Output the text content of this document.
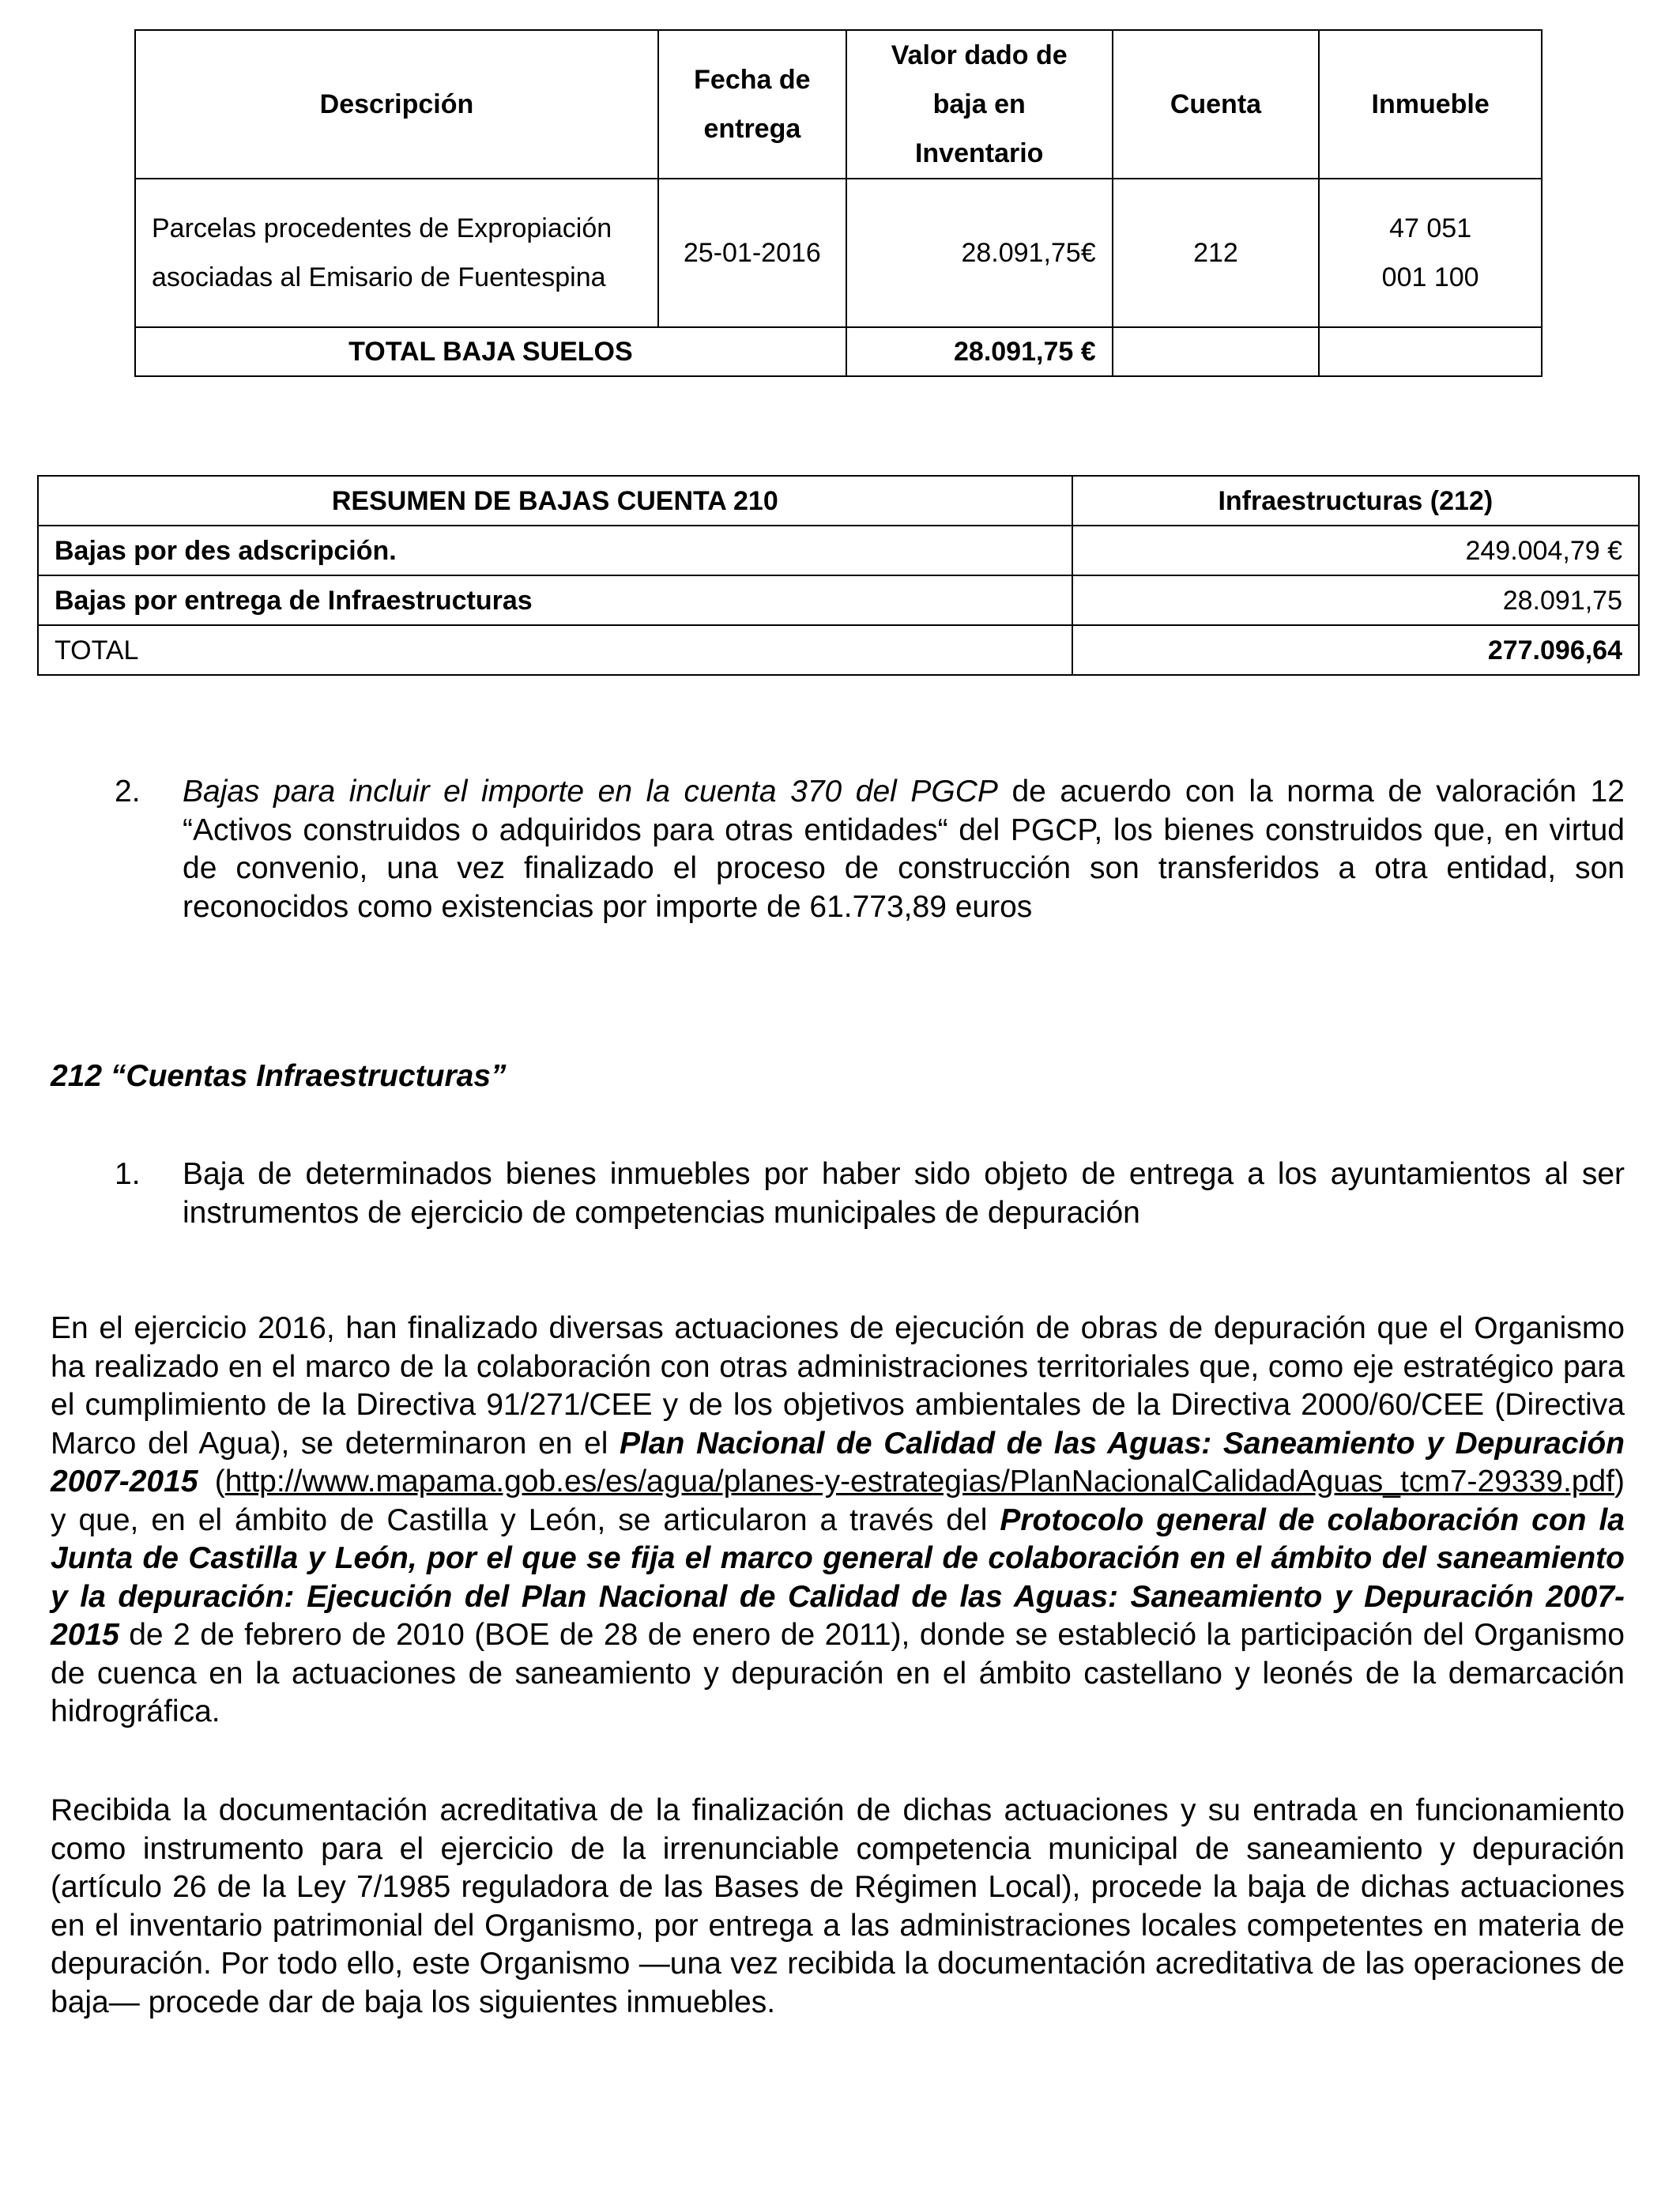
Descripción	Fecha de entrega	Valor dado de baja en Inventario	Cuenta	Inmueble

Parcelas procedentes de Expropiación asociadas al Emisario de Fuentespina	25-01-2016	28.091,75€	212	47 051 001 100

TOTAL BAJA SUELOS		28.091,75 €		
RESUMEN DE BAJAS CUENTA 210	Infraestructuras (212)
Bajas por des adscripción.	249.004,79 €
Bajas por entrega de Infraestructuras	28.091,75
TOTAL	277.096,64
2. Bajas para incluir el importe en la cuenta 370 del PGCP de acuerdo con la norma de valoración 12 “Activos construidos o adquiridos para otras entidades“ del PGCP, los bienes construidos que, en virtud de convenio, una vez finalizado el proceso de construcción son transferidos a otra entidad, son reconocidos como existencias por importe de 61.773,89 euros
212 “Cuentas Infraestructuras”
1. Baja de determinados bienes inmuebles por haber sido objeto de entrega a los ayuntamientos al ser instrumentos de ejercicio de competencias municipales de depuración
En el ejercicio 2016, han finalizado diversas actuaciones de ejecución de obras de depuración que el Organismo ha realizado en el marco de la colaboración con otras administraciones territoriales que, como eje estratégico para el cumplimiento de la Directiva 91/271/CEE y de los objetivos ambientales de la Directiva 2000/60/CEE (Directiva Marco del Agua), se determinaron en el Plan Nacional de Calidad de las Aguas: Saneamiento y Depuración 2007-2015 (http://www.mapama.gob.es/es/agua/planes-y-estrategias/PlanNacionalCalidadAguas_tcm7-29339.pdf) y que, en el ámbito de Castilla y León, se articularon a través del Protocolo general de colaboración con la Junta de Castilla y León, por el que se fija el marco general de colaboración en el ámbito del saneamiento y la depuración: Ejecución del Plan Nacional de Calidad de las Aguas: Saneamiento y Depuración 2007-2015 de 2 de febrero de 2010 (BOE de 28 de enero de 2011), donde se estableció la participación del Organismo de cuenca en la actuaciones de saneamiento y depuración en el ámbito castellano y leonés de la demarcación hidrográfica.
Recibida la documentación acreditativa de la finalización de dichas actuaciones y su entrada en funcionamiento como instrumento para el ejercicio de la irrenunciable competencia municipal de saneamiento y depuración (artículo 26 de la Ley 7/1985 reguladora de las Bases de Régimen Local), procede la baja de dichas actuaciones en el inventario patrimonial del Organismo, por entrega a las administraciones locales competentes en materia de depuración. Por todo ello, este Organismo —una vez recibida la documentación acreditativa de las operaciones de baja— procede dar de baja los siguientes inmuebles.
